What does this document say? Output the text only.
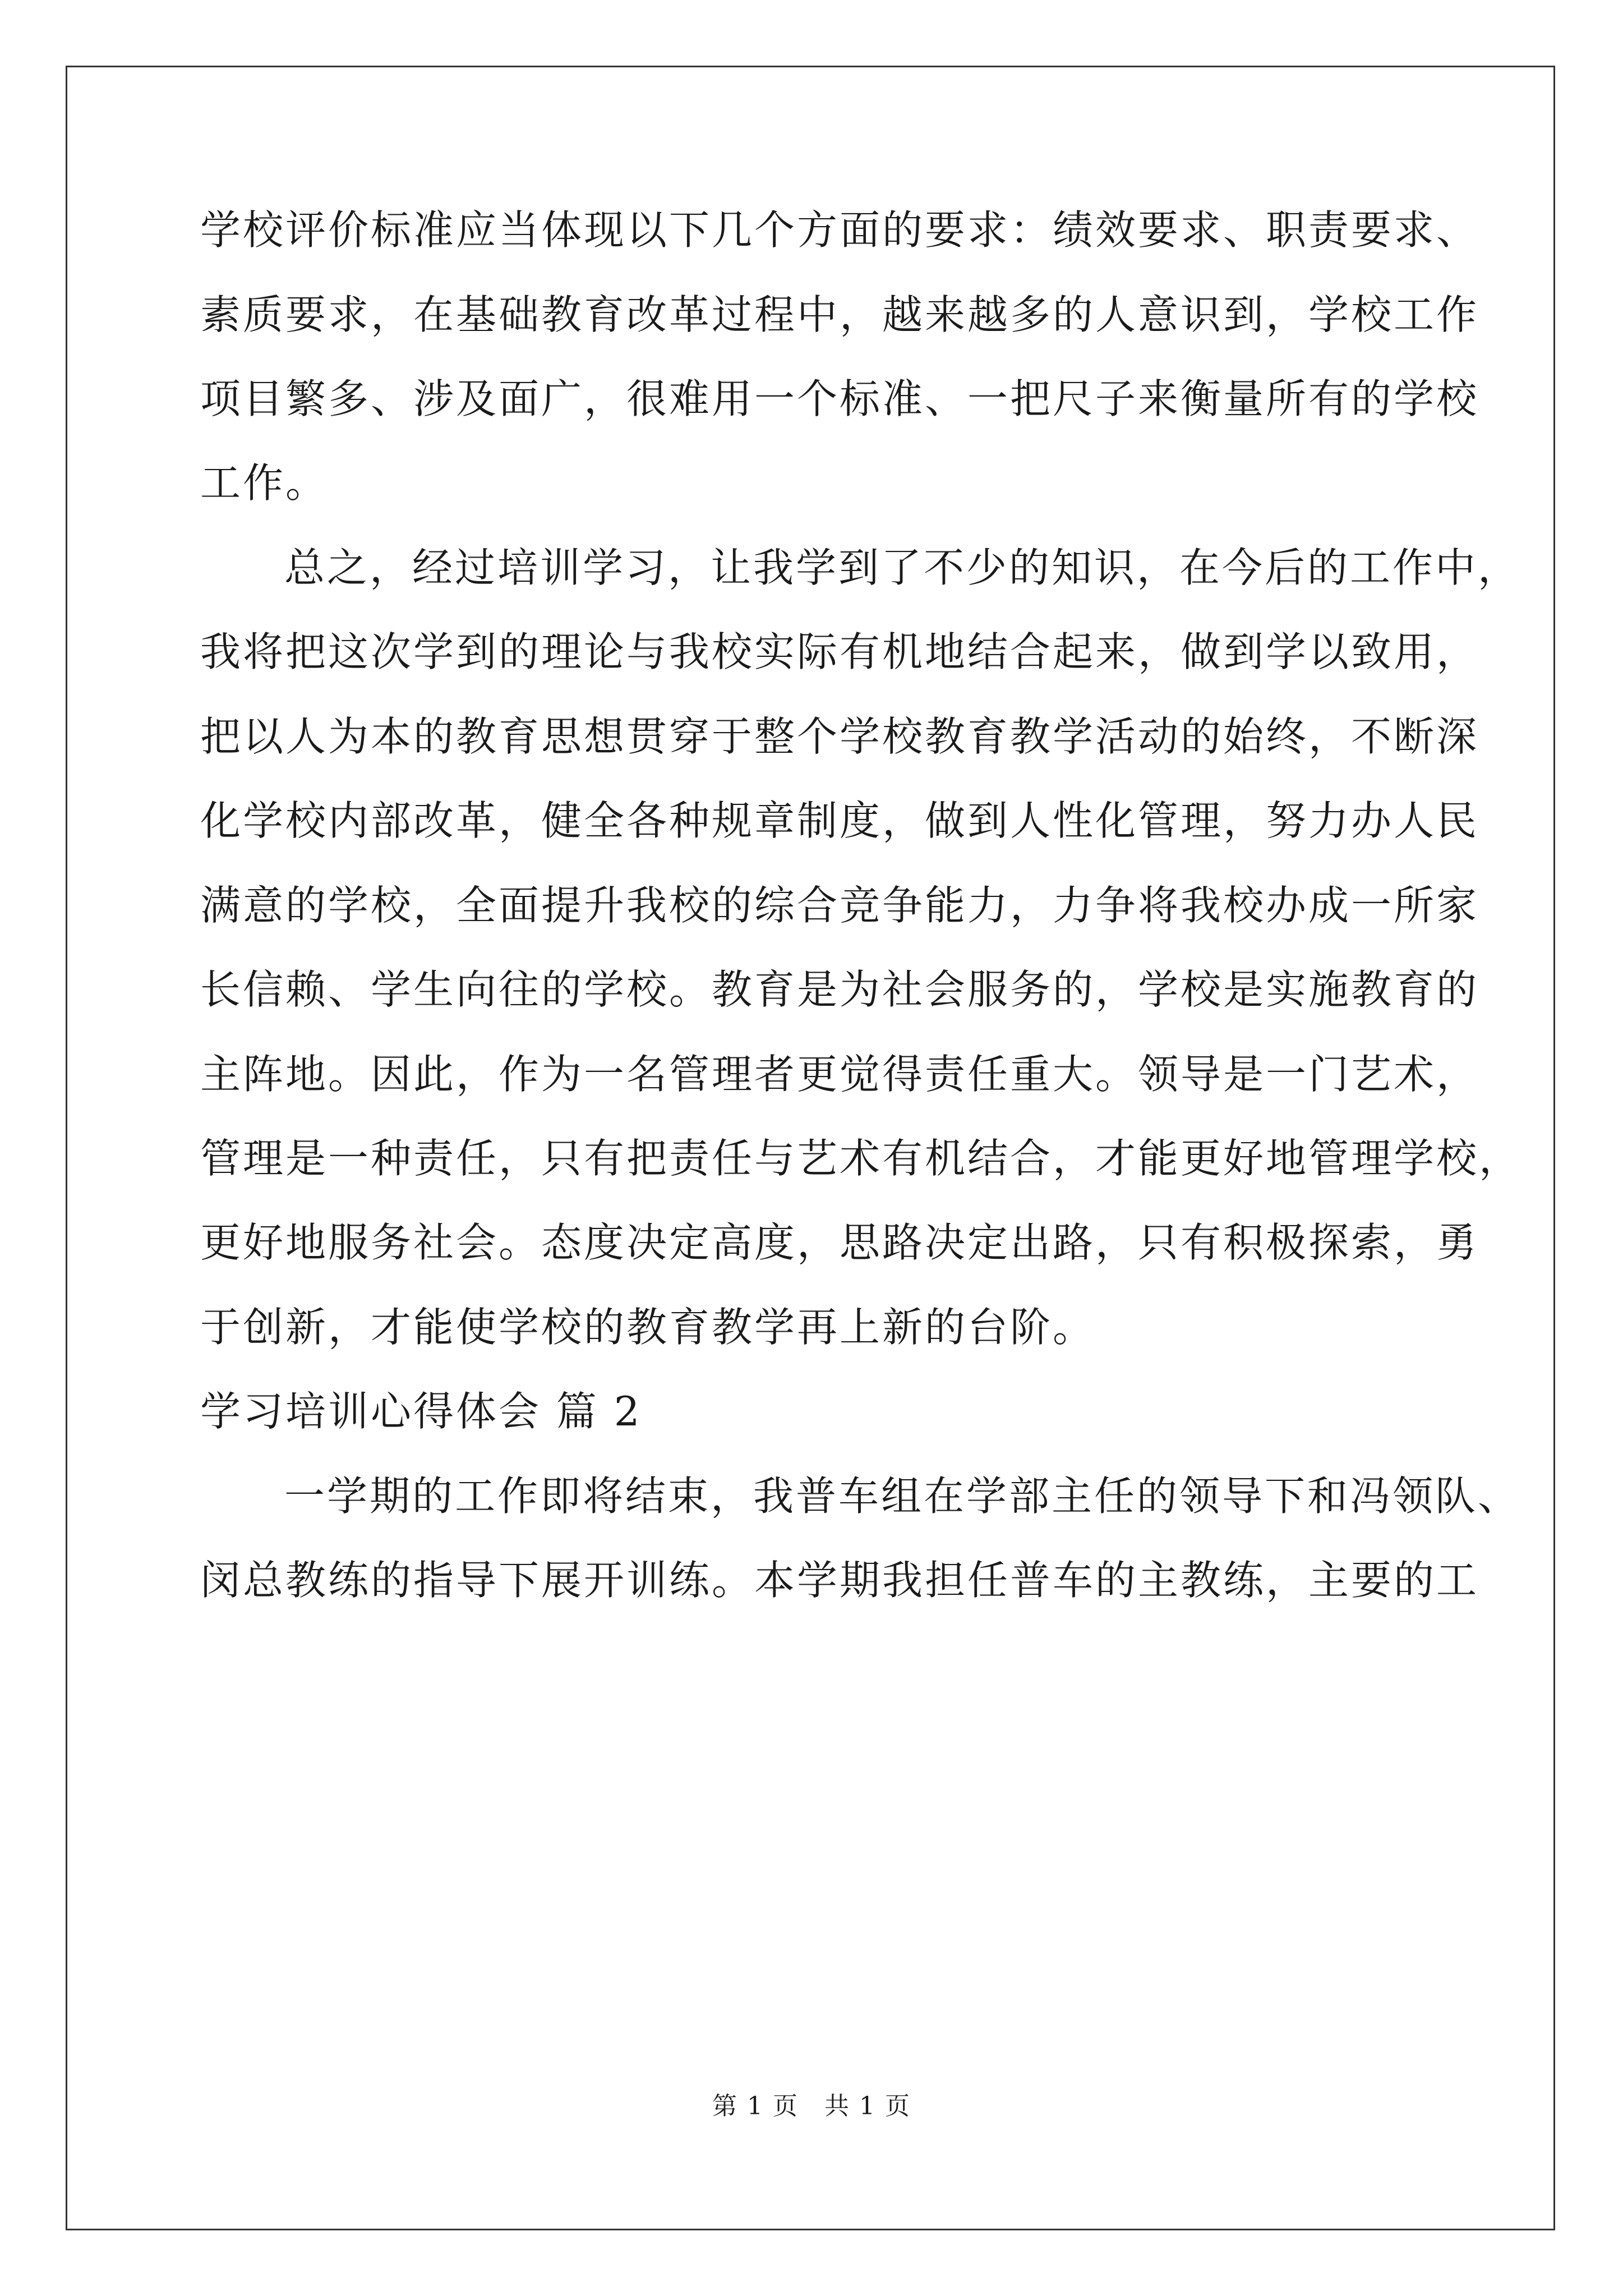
学校评价标准应当体现以下几个方面的要求：绩效要求、职责要求、
素质要求，在基础教育改革过程中，越来越多的人意识到，学校工作
项目繁多、涉及面广，很难用一个标准、一把尺子来衡量所有的学校
工作。
总之，经过培训学习，让我学到了不少的知识，在今后的工作中，
我将把这次学到的理论与我校实际有机地结合起来，做到学以致用，
把以人为本的教育思想贯穿于整个学校教育教学活动的始终，不断深
化学校内部改革，健全各种规章制度，做到人性化管理，努力办人民
满意的学校，全面提升我校的综合竞争能力，力争将我校办成一所家
长信赖、学生向往的学校。教育是为社会服务的，学校是实施教育的
主阵地。因此，作为一名管理者更觉得责任重大。领导是一门艺术，
管理是一种责任，只有把责任与艺术有机结合，才能更好地管理学校，
更好地服务社会。态度决定高度，思路决定出路，只有积极探索，勇
于创新，才能使学校的教育教学再上新的台阶。
学习培训心得体会 篇 2
一学期的工作即将结束，我普车组在学部主任的领导下和冯领队、
闵总教练的指导下展开训练。本学期我担任普车的主教练，主要的工
第 1 页　共 1 页
